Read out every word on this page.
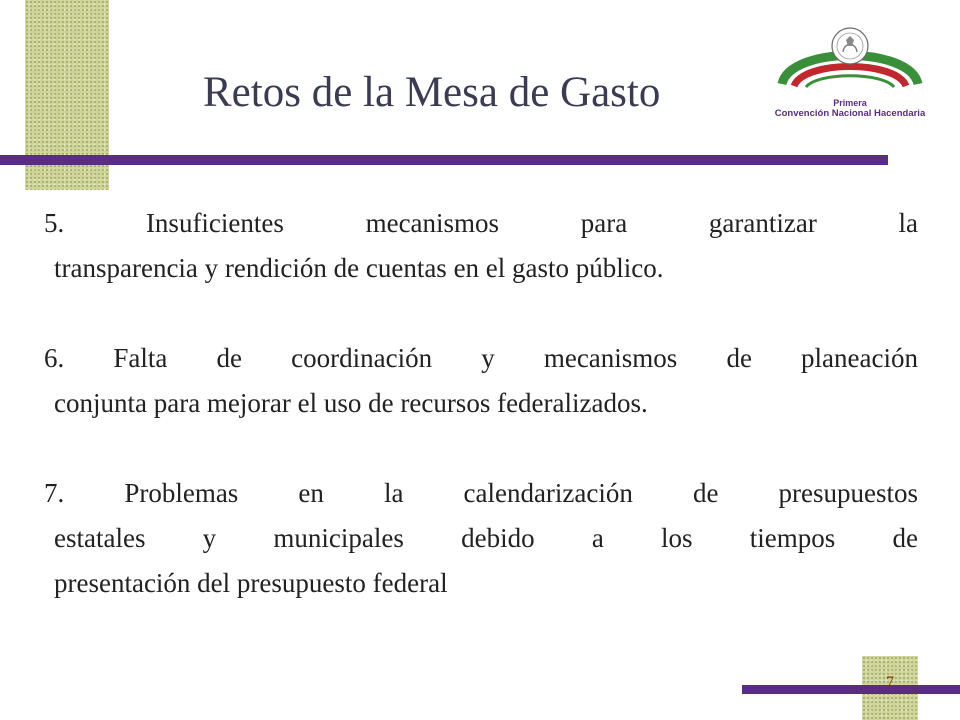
Retos de la Mesa de Gasto	Primera
Convención Nacional Hacendaria

5. Insuficientes mecanismos para garantizar la
transparencia y rendición de cuentas en el gasto público.

6. Falta de coordinación y mecanismos de planeación
conjunta para mejorar el uso de recursos federalizados.

7. Problemas en la calendarización de presupuestos
estatales y municipales debido a los tiempos de
presentación del presupuesto federal

7
